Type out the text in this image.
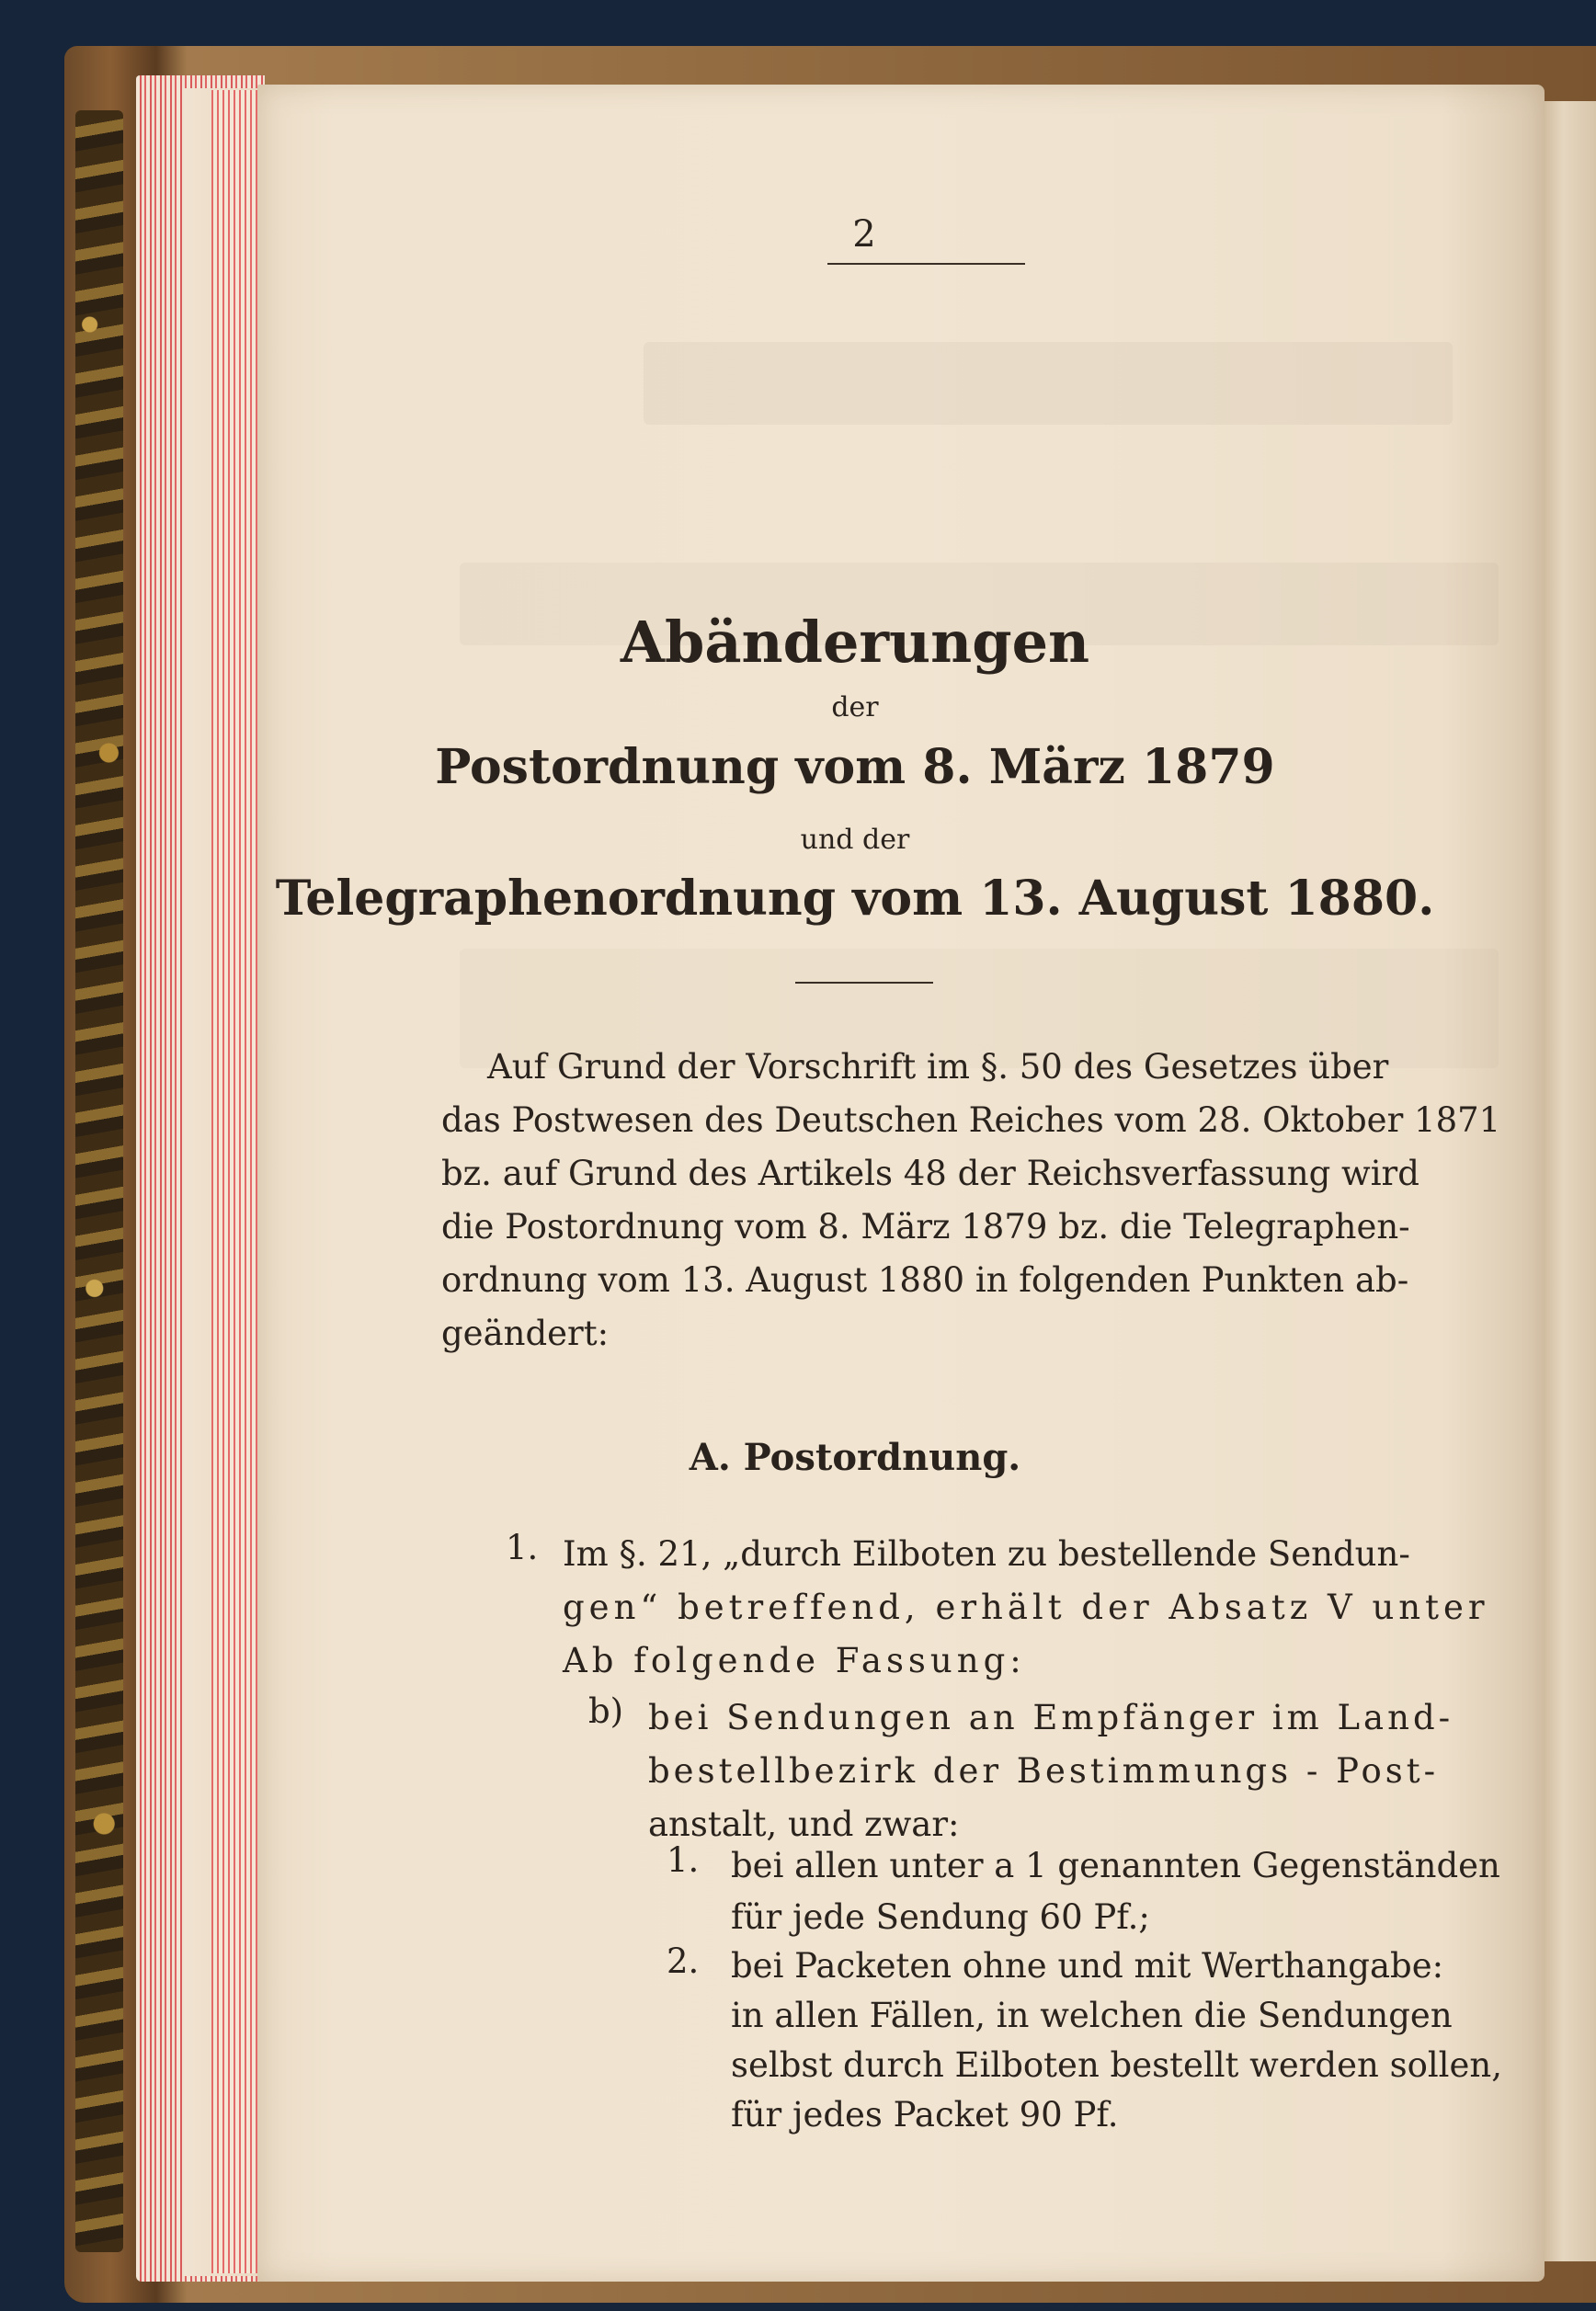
2
Abänderungen
der
Postordnung vom 8. März 1879
und der
Telegraphenordnung vom 13. August 1880.
Auf Grund der Vorschrift im §. 50 des Gesetzes über
das Postwesen des Deutschen Reiches vom 28. Oktober 1871
bz. auf Grund des Artikels 48 der Reichsverfassung wird
die Postordnung vom 8. März 1879 bz. die Telegraphen-
ordnung vom 13. August 1880 in folgenden Punkten ab-
geändert:
A. Postordnung.
1. Im §. 21, „durch Eilboten zu bestellende Sendun-
gen“ betreffend, erhält der Absatz V unter
Ab folgende Fassung:
b) bei Sendungen an Empfänger im Land-
bestellbezirk der Bestimmungs - Post-
anstalt, und zwar:
1. bei allen unter a 1 genannten Gegenständen
für jede Sendung 60 Pf.;
2. bei Packeten ohne und mit Werthangabe:
in allen Fällen, in welchen die Sendungen
selbst durch Eilboten bestellt werden sollen,
für jedes Packet 90 Pf.
